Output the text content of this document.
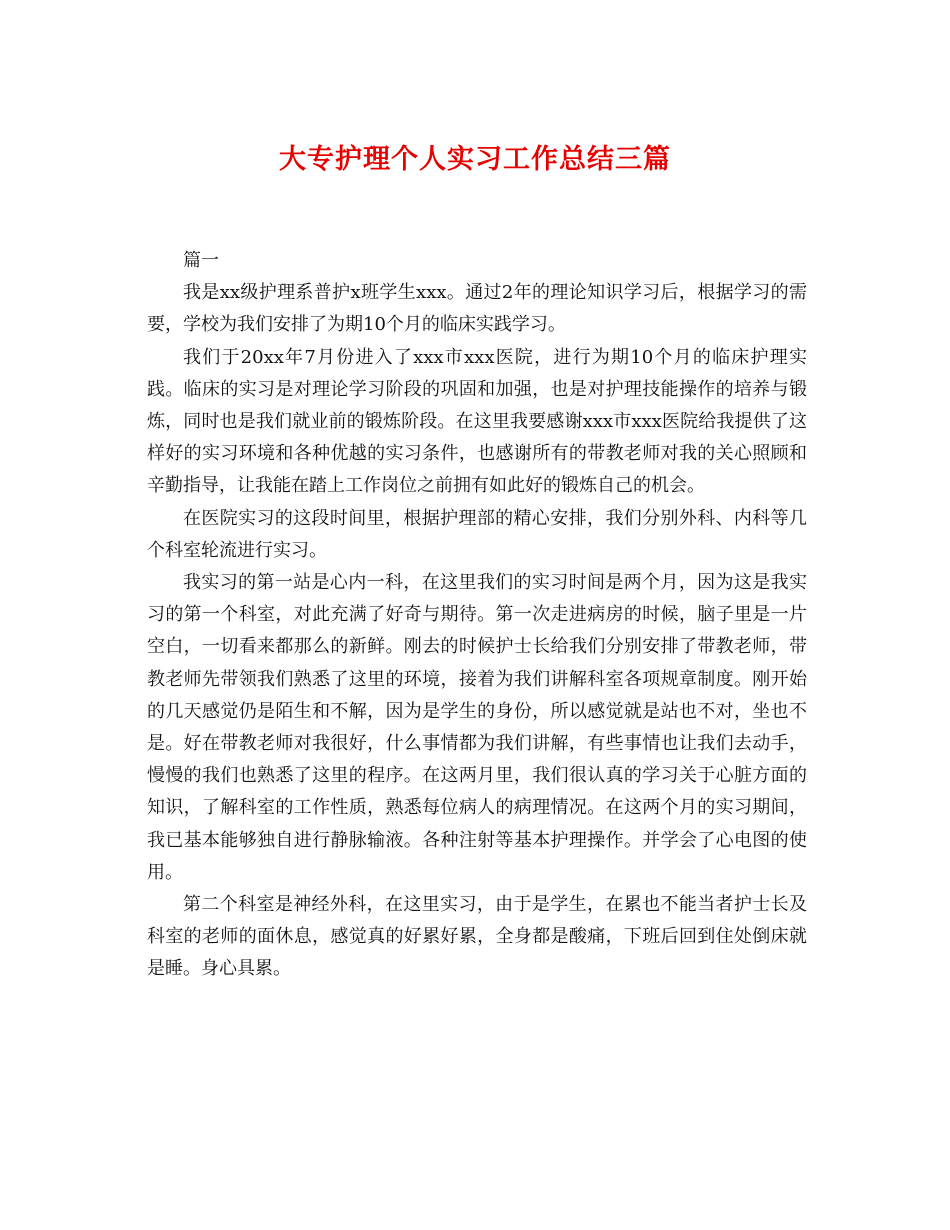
大专护理个人实习工作总结三篇

篇一

我是xx级护理系普护x班学生xxx。通过2年的理论知识学习后，根据学习的需要，学校为我们安排了为期10个月的临床实践学习。

我们于20xx年7月份进入了xxx市xxx医院，进行为期10个月的临床护理实践。临床的实习是对理论学习阶段的巩固和加强，也是对护理技能操作的培养与锻炼，同时也是我们就业前的锻炼阶段。在这里我要感谢xxx市xxx医院给我提供了这样好的实习环境和各种优越的实习条件，也感谢所有的带教老师对我的关心照顾和辛勤指导，让我能在踏上工作岗位之前拥有如此好的锻炼自己的机会。

在医院实习的这段时间里，根据护理部的精心安排，我们分别外科、内科等几个科室轮流进行实习。

我实习的第一站是心内一科，在这里我们的实习时间是两个月，因为这是我实习的第一个科室，对此充满了好奇与期待。第一次走进病房的时候，脑子里是一片空白，一切看来都那么的新鲜。刚去的时候护士长给我们分别安排了带教老师，带教老师先带领我们熟悉了这里的环境，接着为我们讲解科室各项规章制度。刚开始的几天感觉仍是陌生和不解，因为是学生的身份，所以感觉就是站也不对，坐也不是。好在带教老师对我很好，什么事情都为我们讲解，有些事情也让我们去动手，慢慢的我们也熟悉了这里的程序。在这两月里，我们很认真的学习关于心脏方面的知识，了解科室的工作性质，熟悉每位病人的病理情况。在这两个月的实习期间，我已基本能够独自进行静脉输液。各种注射等基本护理操作。并学会了心电图的使用。

第二个科室是神经外科，在这里实习，由于是学生，在累也不能当者护士长及科室的老师的面休息，感觉真的好累好累，全身都是酸痛，下班后回到住处倒床就是睡。身心具累。
